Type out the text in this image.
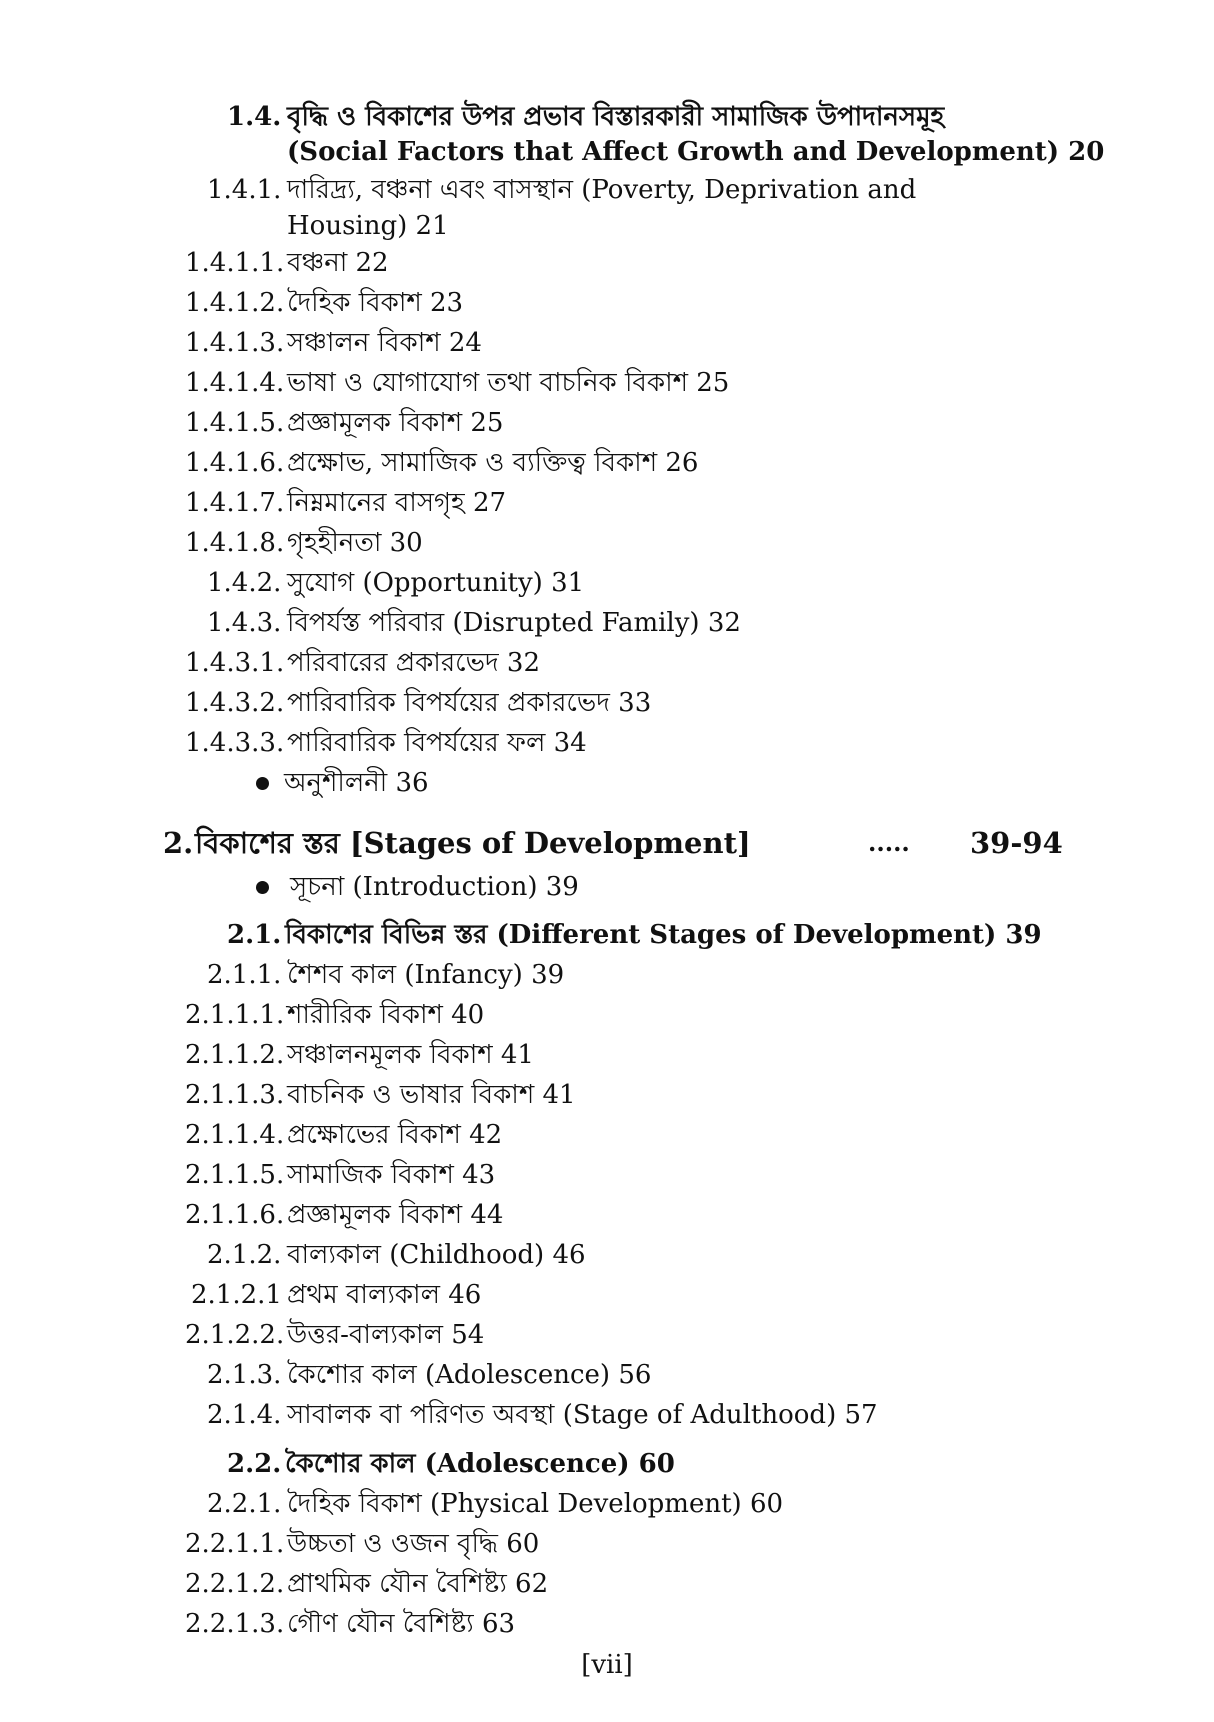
1.4. বৃদ্ধি ও বিকাশের উপর প্রভাব বিস্তারকারী সামাজিক উপাদানসমূহ
(Social Factors that Affect Growth and Development) 20
1.4.1. দারিদ্র্য, বঞ্চনা এবং বাসস্থান (Poverty, Deprivation and
Housing) 21
1.4.1.1. বঞ্চনা 22
1.4.1.2. দৈহিক বিকাশ 23
1.4.1.3. সঞ্চালন বিকাশ 24
1.4.1.4. ভাষা ও যোগাযোগ তথা বাচনিক বিকাশ 25
1.4.1.5. প্রজ্ঞামূলক বিকাশ 25
1.4.1.6. প্রক্ষোভ, সামাজিক ও ব্যক্তিত্ব বিকাশ 26
1.4.1.7. নিম্নমানের বাসগৃহ 27
1.4.1.8. গৃহহীনতা 30
1.4.2. সুযোগ (Opportunity) 31
1.4.3. বিপর্যস্ত পরিবার (Disrupted Family) 32
1.4.3.1. পরিবারের প্রকারভেদ 32
1.4.3.2. পারিবারিক বিপর্যয়ের প্রকারভেদ 33
1.4.3.3. পারিবারিক বিপর্যয়ের ফল 34
অনুশীলনী 36
2. বিকাশের স্তর [Stages of Development]	..... 39-94
সূচনা (Introduction) 39
2.1. বিকাশের বিভিন্ন স্তর (Different Stages of Development) 39
2.1.1. শৈশব কাল (Infancy) 39
2.1.1.1. শারীরিক বিকাশ 40
2.1.1.2. সঞ্চালনমূলক বিকাশ 41
2.1.1.3. বাচনিক ও ভাষার বিকাশ 41
2.1.1.4. প্রক্ষোভের বিকাশ 42
2.1.1.5. সামাজিক বিকাশ 43
2.1.1.6. প্রজ্ঞামূলক বিকাশ 44
2.1.2. বাল্যকাল (Childhood) 46
2.1.2.1 প্রথম বাল্যকাল 46
2.1.2.2. উত্তর-বাল্যকাল 54
2.1.3. কৈশোর কাল (Adolescence) 56
2.1.4. সাবালক বা পরিণত অবস্থা (Stage of Adulthood) 57
2.2. কৈশোর কাল (Adolescence) 60
2.2.1. দৈহিক বিকাশ (Physical Development) 60
2.2.1.1. উচ্চতা ও ওজন বৃদ্ধি 60
2.2.1.2. প্রাথমিক যৌন বৈশিষ্ট্য 62
2.2.1.3. গৌণ যৌন বৈশিষ্ট্য 63
[vii]
